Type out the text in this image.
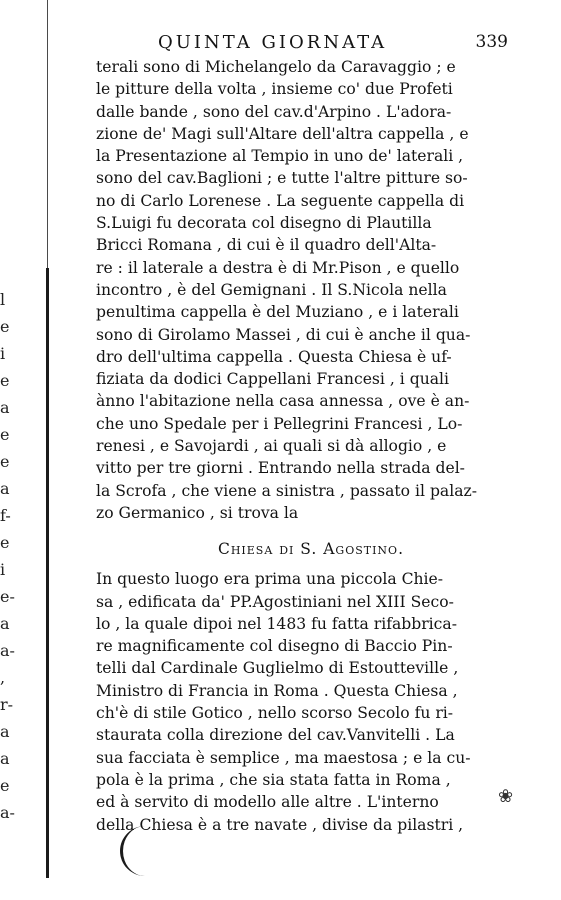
l
e
i
e
a
e
e
a
f-
e
i
e-
a
a-
,
r-
a
a
e
a-
QUINTA GIORNATA	339
terali sono di Michelangelo da Caravaggio ; e
le pitture della volta , insieme co' due Profeti
dalle bande , sono del cav.d'Arpino . L'adora-
zione de' Magi sull'Altare dell'altra cappella , e
la Presentazione al Tempio in uno de' laterali ,
sono del cav.Baglioni ; e tutte l'altre pitture so-
no di Carlo Lorenese . La seguente cappella di
S.Luigi fu decorata col disegno di Plautilla
Bricci Romana , di cui è il quadro dell'Alta-
re : il laterale a destra è di Mr.Pison , e quello
incontro , è del Gemignani . Il S.Nicola nella
penultima cappella è del Muziano , e i laterali
sono di Girolamo Massei , di cui è anche il qua-
dro dell'ultima cappella . Questa Chiesa è uf-
fiziata da dodici Cappellani Francesi , i quali
ànno l'abitazione nella casa annessa , ove è an-
che uno Spedale per i Pellegrini Francesi , Lo-
renesi , e Savojardi , ai quali si dà allogio , e
vitto per tre giorni . Entrando nella strada del-
la Scrofa , che viene a sinistra , passato il palaz-
zo Germanico , si trova la
Chiesa di S. Agostino.
In questo luogo era prima una piccola Chie-
sa , edificata da' PP.Agostiniani nel XIII Seco-
lo , la quale dipoi nel 1483 fu fatta rifabbrica-
re magnificamente col disegno di Baccio Pin-
telli dal Cardinale Guglielmo di Estoutteville ,
Ministro di Francia in Roma . Questa Chiesa ,
ch'è di stile Gotico , nello scorso Secolo fu ri-
staurata colla direzione del cav.Vanvitelli . La
sua facciata è semplice , ma maestosa ; e la cu-
pola è la prima , che sia stata fatta in Roma ,
ed à servito di modello alle altre . L'interno
della Chiesa è a tre navate , divise da pilastri ,
❀
